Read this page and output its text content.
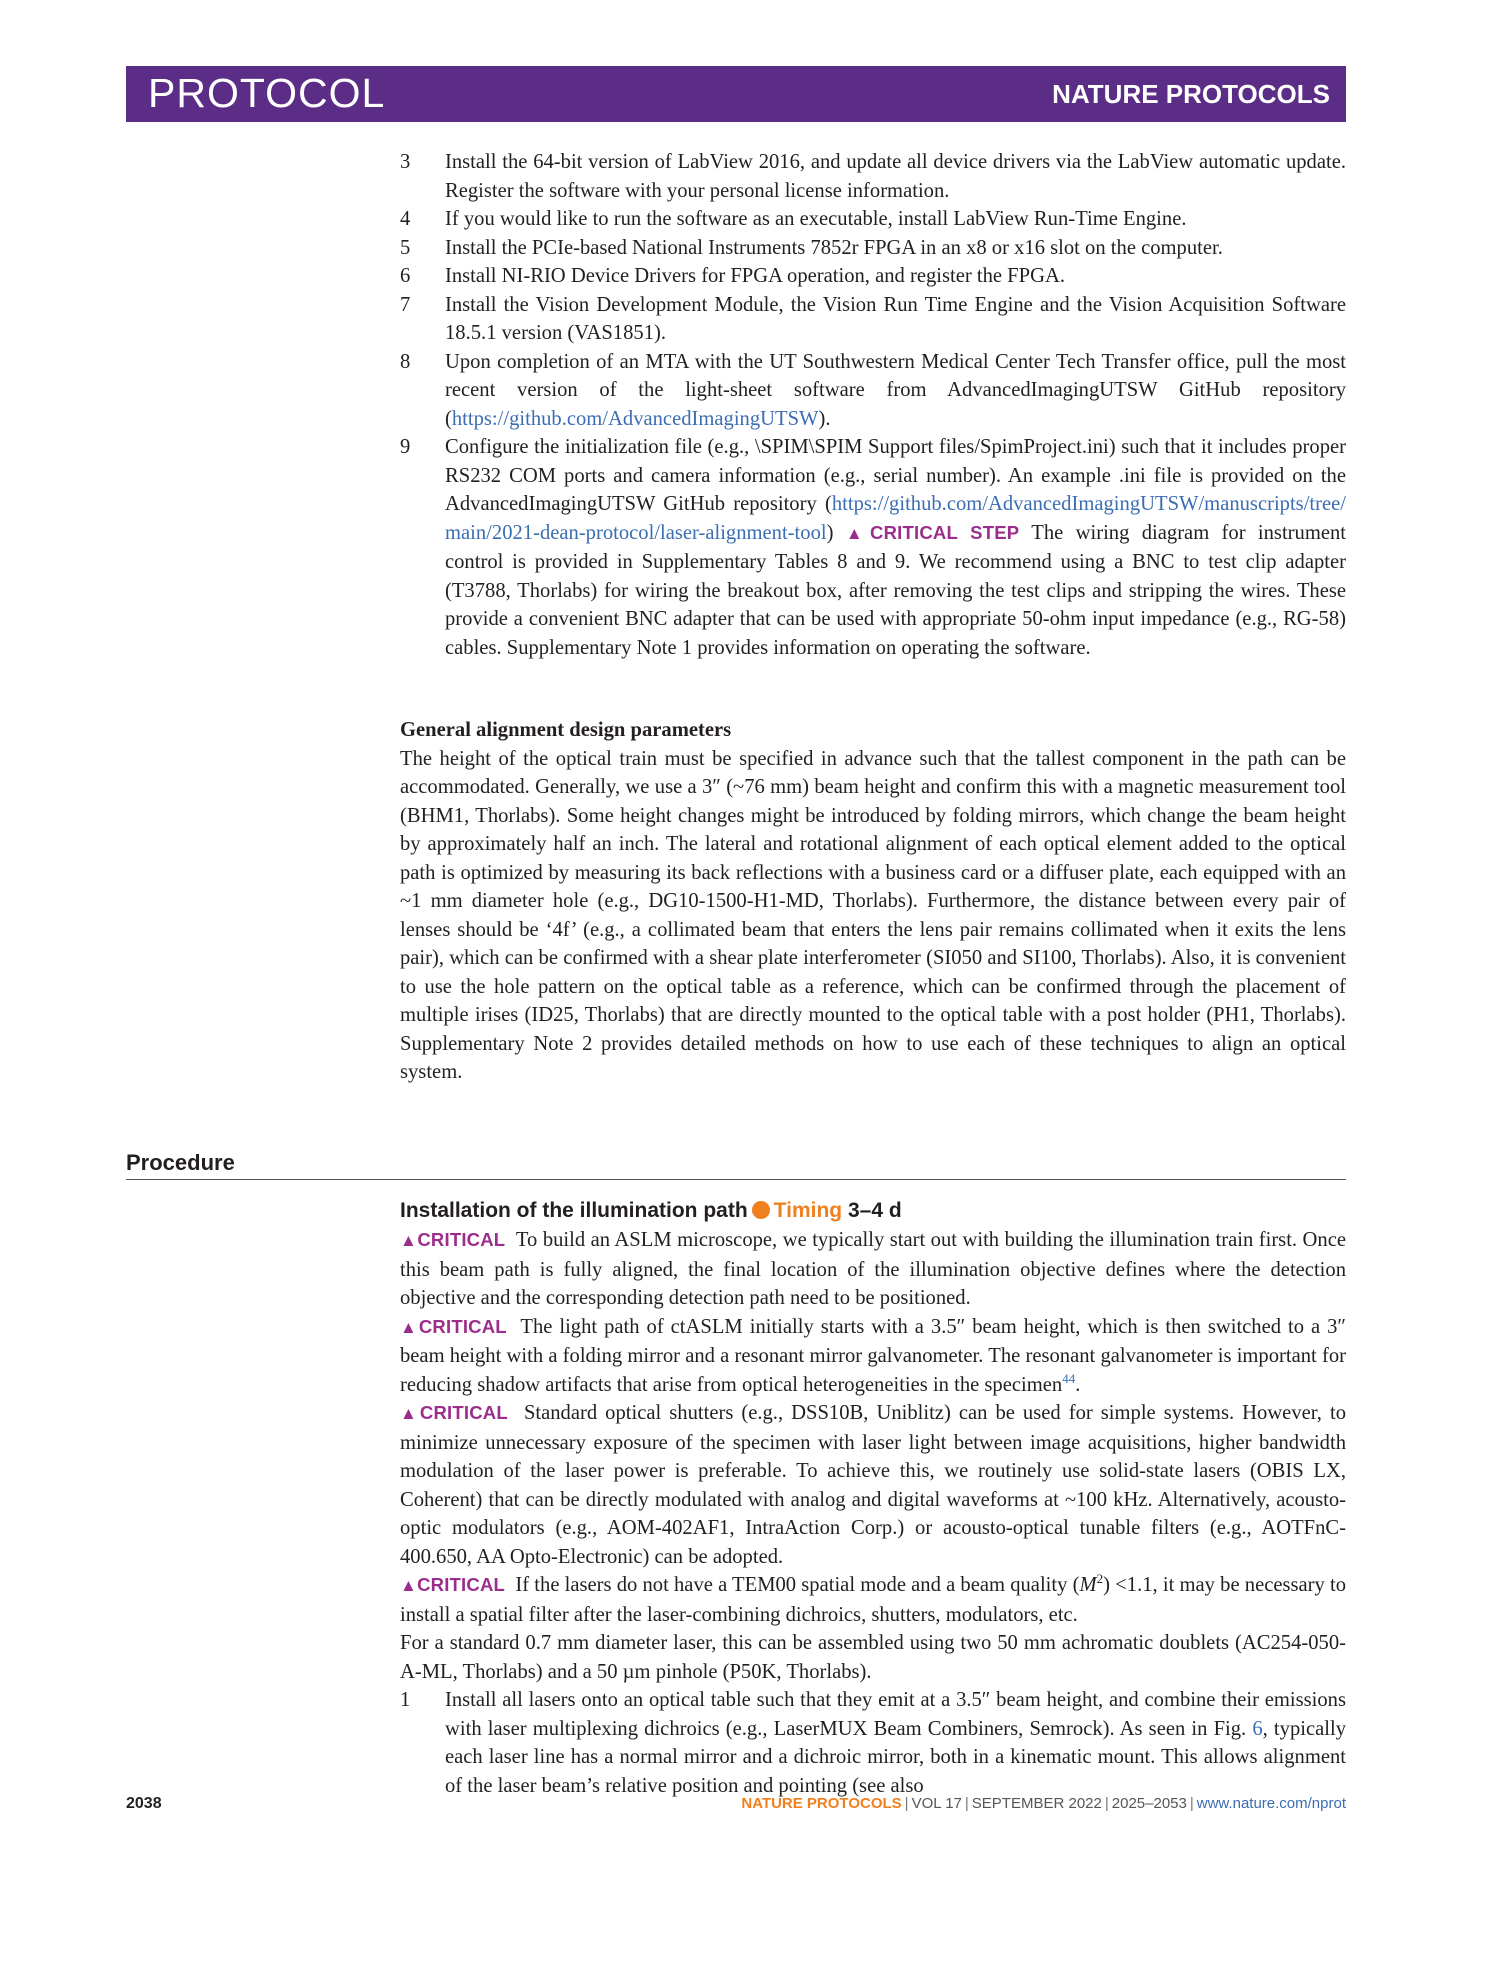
PROTOCOL	NATURE PROTOCOLS
3 Install the 64-bit version of LabView 2016, and update all device drivers via the LabView automatic update. Register the software with your personal license information.
4 If you would like to run the software as an executable, install LabView Run-Time Engine.
5 Install the PCIe-based National Instruments 7852r FPGA in an x8 or x16 slot on the computer.
6 Install NI-RIO Device Drivers for FPGA operation, and register the FPGA.
7 Install the Vision Development Module, the Vision Run Time Engine and the Vision Acquisition Software 18.5.1 version (VAS1851).
8 Upon completion of an MTA with the UT Southwestern Medical Center Tech Transfer office, pull the most recent version of the light-sheet software from AdvancedImagingUTSW GitHub repository (https://github.com/AdvancedImagingUTSW).
9 Configure the initialization file (e.g., \SPIM\SPIM Support files/SpimProject.ini) such that it includes proper RS232 COM ports and camera information (e.g., serial number). An example .ini file is provided on the AdvancedImagingUTSW GitHub repository (https://github.com/AdvancedImagingUTSW/manuscripts/tree/main/2021-dean-protocol/laser-alignment-tool) ▲CRITICAL STEP The wiring diagram for instrument control is provided in Supplementary Tables 8 and 9. We recommend using a BNC to test clip adapter (T3788, Thorlabs) for wiring the breakout box, after removing the test clips and stripping the wires. These provide a convenient BNC adapter that can be used with appropriate 50-ohm input impedance (e.g., RG-58) cables. Supplementary Note 1 provides information on operating the software.

General alignment design parameters

The height of the optical train must be specified in advance such that the tallest component in the path can be accommodated. Generally, we use a 3″ (~76 mm) beam height and confirm this with a magnetic measurement tool (BHM1, Thorlabs). Some height changes might be introduced by folding mirrors, which change the beam height by approximately half an inch. The lateral and rotational alignment of each optical element added to the optical path is optimized by measuring its back reflections with a business card or a diffuser plate, each equipped with an ~1 mm diameter hole (e.g., DG10-1500-H1-MD, Thorlabs). Furthermore, the distance between every pair of lenses should be ‘4f’ (e.g., a collimated beam that enters the lens pair remains collimated when it exits the lens pair), which can be confirmed with a shear plate interferometer (SI050 and SI100, Thorlabs). Also, it is convenient to use the hole pattern on the optical table as a reference, which can be confirmed through the placement of multiple irises (ID25, Thorlabs) that are directly mounted to the optical table with a post holder (PH1, Thorlabs). Supplementary Note 2 provides detailed methods on how to use each of these techniques to align an optical system.

Procedure

Installation of the illumination path Timing 3–4 d

▲CRITICAL To build an ASLM microscope, we typically start out with building the illumination train first. Once this beam path is fully aligned, the final location of the illumination objective defines where the detection objective and the corresponding detection path need to be positioned.

▲CRITICAL The light path of ctASLM initially starts with a 3.5″ beam height, which is then switched to a 3″ beam height with a folding mirror and a resonant mirror galvanometer. The resonant galvanometer is important for reducing shadow artifacts that arise from optical heterogeneities in the specimen$^{44}$.

▲CRITICAL Standard optical shutters (e.g., DSS10B, Uniblitz) can be used for simple systems. However, to minimize unnecessary exposure of the specimen with laser light between image acquisitions, higher bandwidth modulation of the laser power is preferable. To achieve this, we routinely use solid-state lasers (OBIS LX, Coherent) that can be directly modulated with analog and digital waveforms at ~100 kHz. Alternatively, acousto-optic modulators (e.g., AOM-402AF1, IntraAction Corp.) or acousto-optical tunable filters (e.g., AOTFnC-400.650, AA Opto-Electronic) can be adopted.

▲CRITICAL If the lasers do not have a TEM00 spatial mode and a beam quality $(M^2) <1.1$, it may be necessary to install a spatial filter after the laser-combining dichroics, shutters, modulators, etc.

For a standard 0.7 mm diameter laser, this can be assembled using two 50 mm achromatic doublets (AC254-050-A-ML, Thorlabs) and a 50 µm pinhole (P50K, Thorlabs).

1 Install all lasers onto an optical table such that they emit at a 3.5″ beam height, and combine their emissions with laser multiplexing dichroics (e.g., LaserMUX Beam Combiners, Semrock). As seen in Fig. 6, typically each laser line has a normal mirror and a dichroic mirror, both in a kinematic mount. This allows alignment of the laser beam’s relative position and pointing (see also
2038	NATURE PROTOCOLS | VOL 17 | SEPTEMBER 2022 | 2025–2053 | www.nature.com/nprot
